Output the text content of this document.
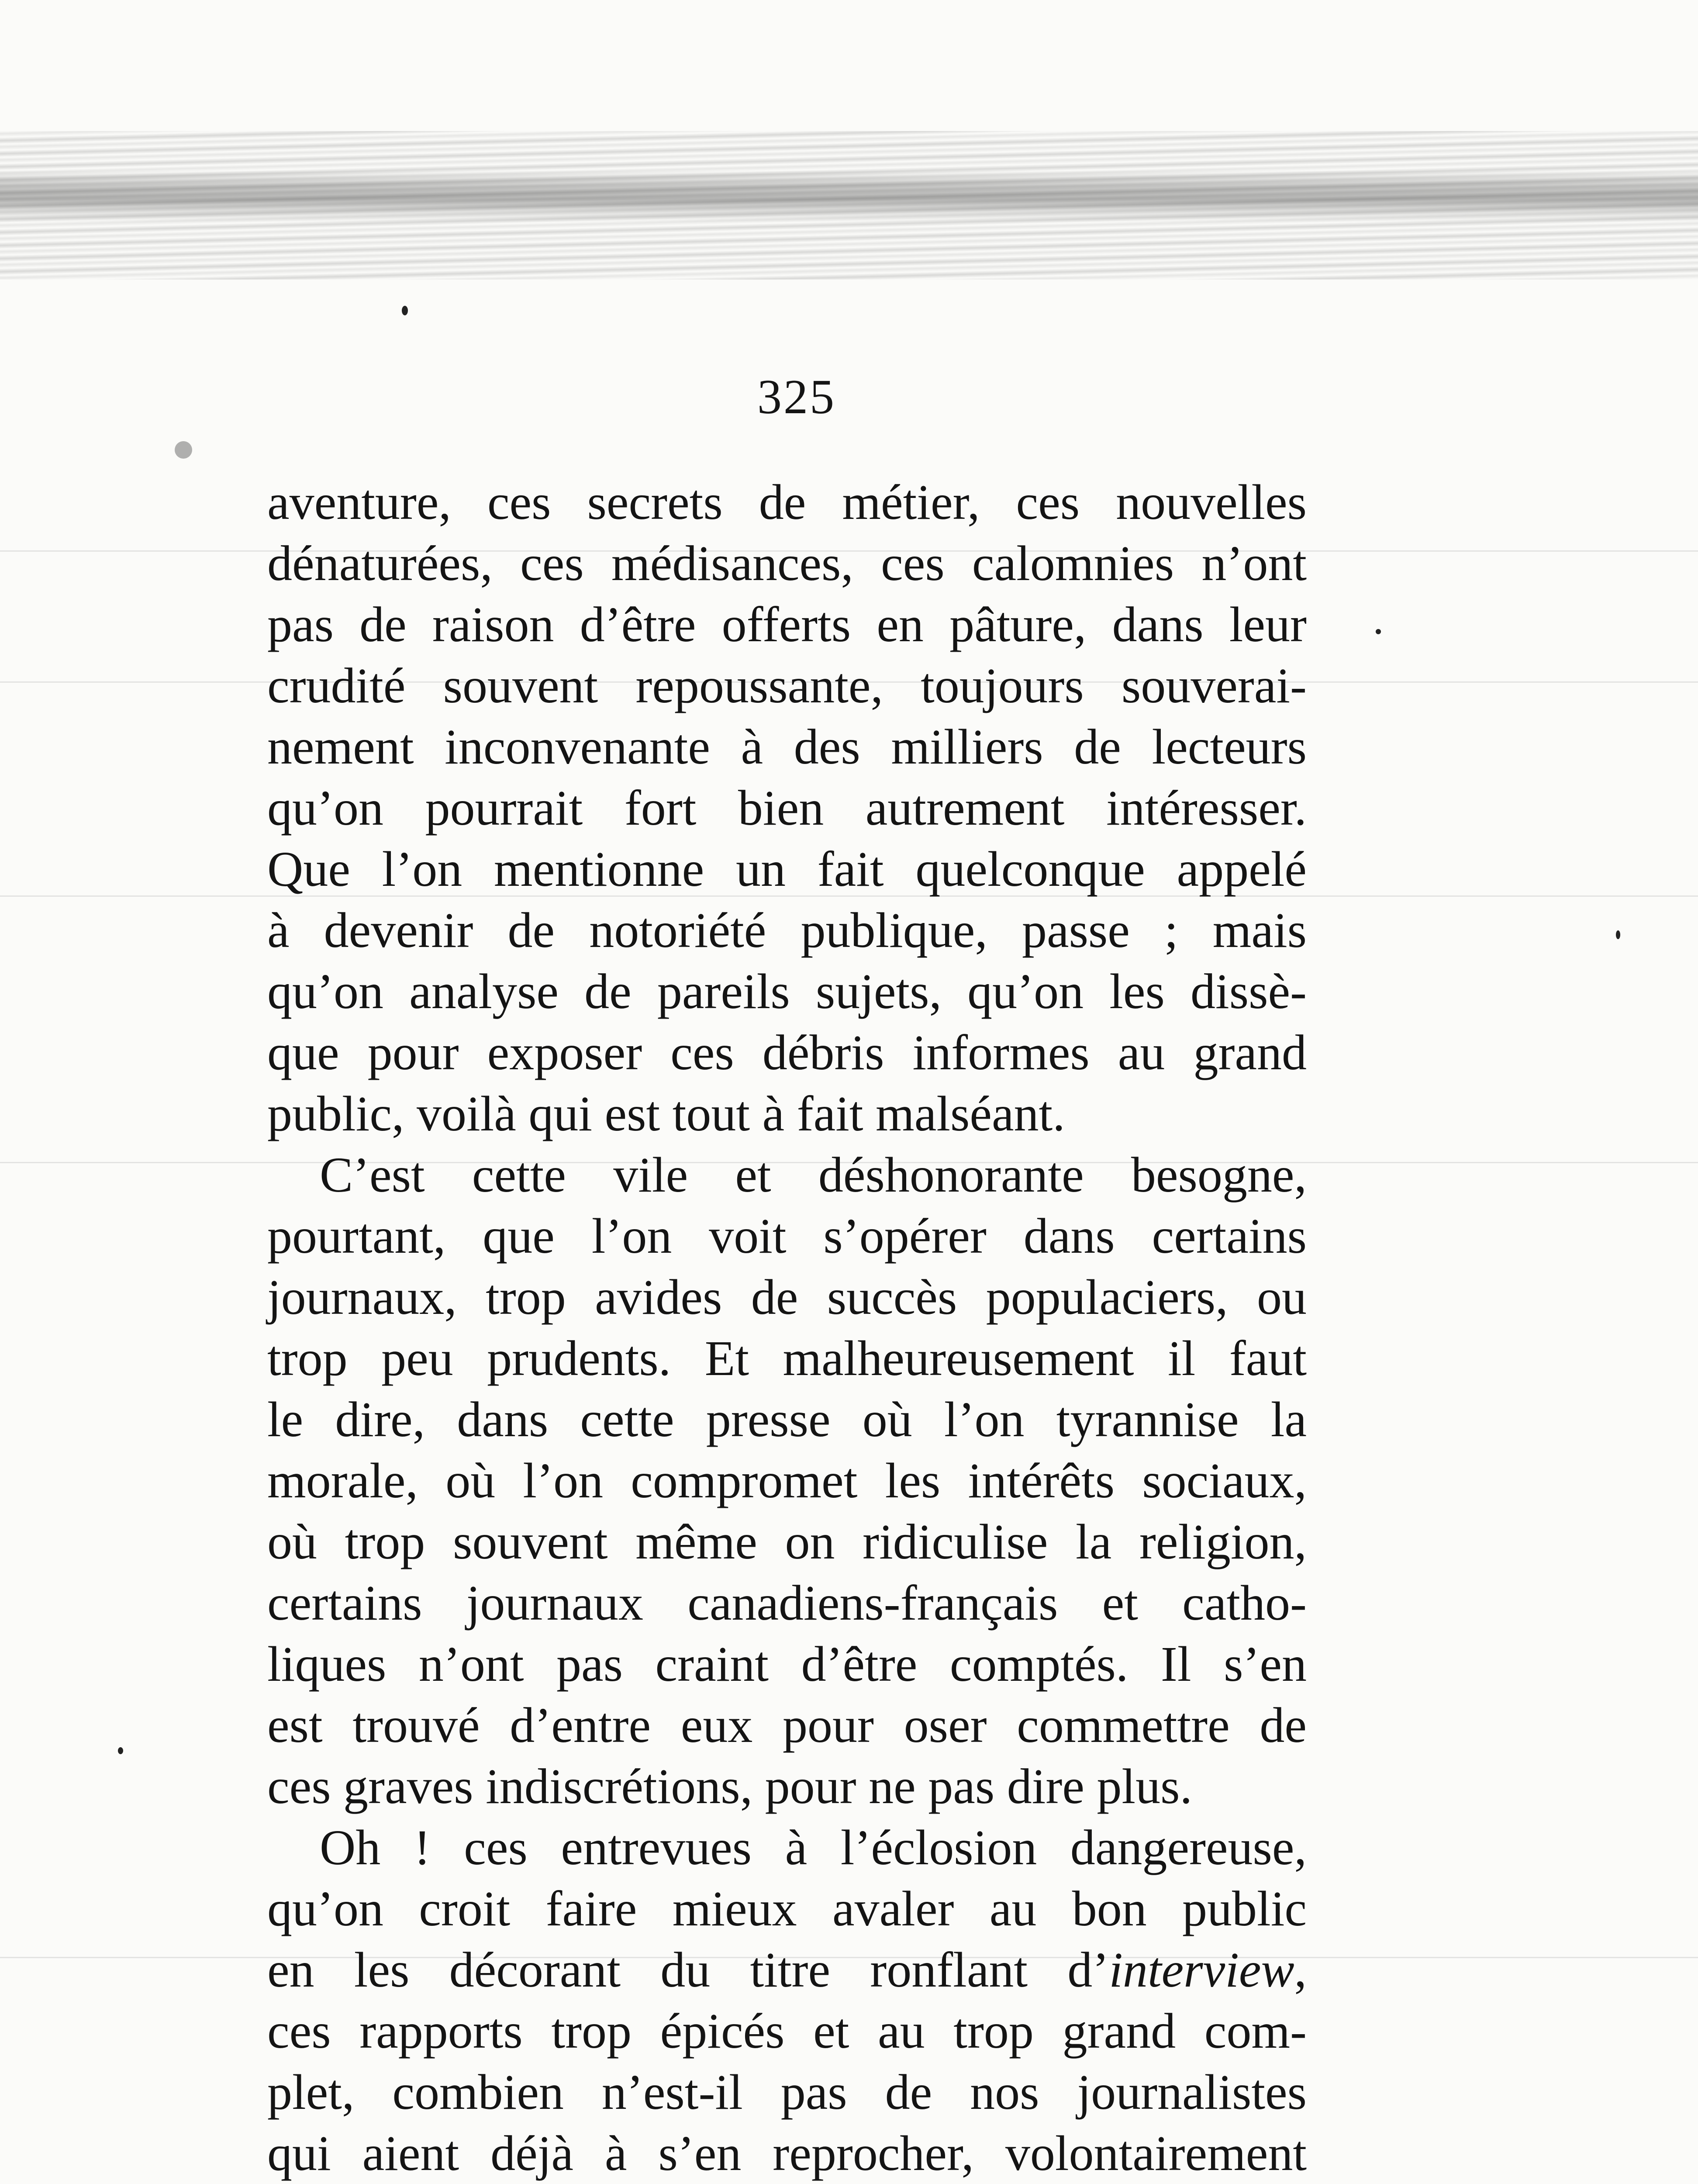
325
aventure, ces secrets de métier, ces nouvelles
dénaturées, ces médisances, ces calomnies n’ont
pas de raison d’être offerts en pâture, dans leur
crudité souvent repoussante, toujours souverai-
nement inconvenante à des milliers de lecteurs
qu’on pourrait fort bien autrement intéresser.
Que l’on mentionne un fait quelconque appelé
à devenir de notoriété publique, passe ; mais
qu’on analyse de pareils sujets, qu’on les dissè-
que pour exposer ces débris informes au grand
public, voilà qui est tout à fait malséant.
C’est cette vile et déshonorante besogne,
pourtant, que l’on voit s’opérer dans certains
journaux, trop avides de succès populaciers, ou
trop peu prudents. Et malheureusement il faut
le dire, dans cette presse où l’on tyrannise la
morale, où l’on compromet les intérêts sociaux,
où trop souvent même on ridiculise la religion,
certains journaux canadiens-français et catho-
liques n’ont pas craint d’être comptés. Il s’en
est trouvé d’entre eux pour oser commettre de
ces graves indiscrétions, pour ne pas dire plus.
Oh ! ces entrevues à l’éclosion dangereuse,
qu’on croit faire mieux avaler au bon public
en les décorant du titre ronflant d’interview,
ces rapports trop épicés et au trop grand com-
plet, combien n’est-il pas de nos journalistes
qui aient déjà à s’en reprocher, volontairement
